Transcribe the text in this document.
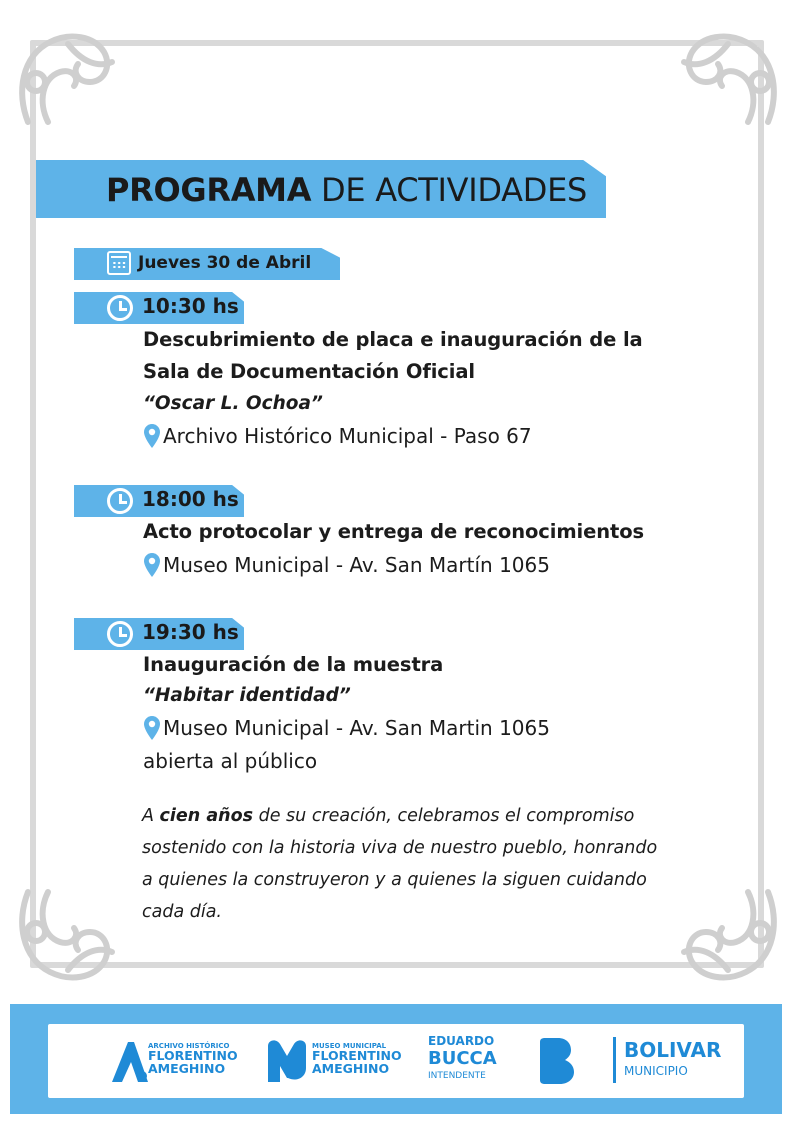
PROGRAMA DE ACTIVIDADES
Jueves 30 de Abril
10:30 hs
Descubrimiento de placa e inauguración de la
Sala de Documentación Oficial
“Oscar L. Ochoa”
Archivo Histórico Municipal - Paso 67
18:00 hs
Acto protocolar y entrega de reconocimientos
Museo Municipal - Av. San Martín 1065
19:30 hs
Inauguración de la muestra
“Habitar identidad”
Museo Municipal - Av. San Martin 1065
abierta al público
A cien años de su creación, celebramos el compromiso
sostenido con la historia viva de nuestro pueblo, honrando
a quienes la construyeron y a quienes la siguen cuidando
cada día.
ARCHIVO HISTÓRICO
FLORENTINO
AMEGHINO
MUSEO MUNICIPAL
FLORENTINO
AMEGHINO
EDUARDO
BUCCA
INTENDENTE
BOLIVAR
MUNICIPIO
